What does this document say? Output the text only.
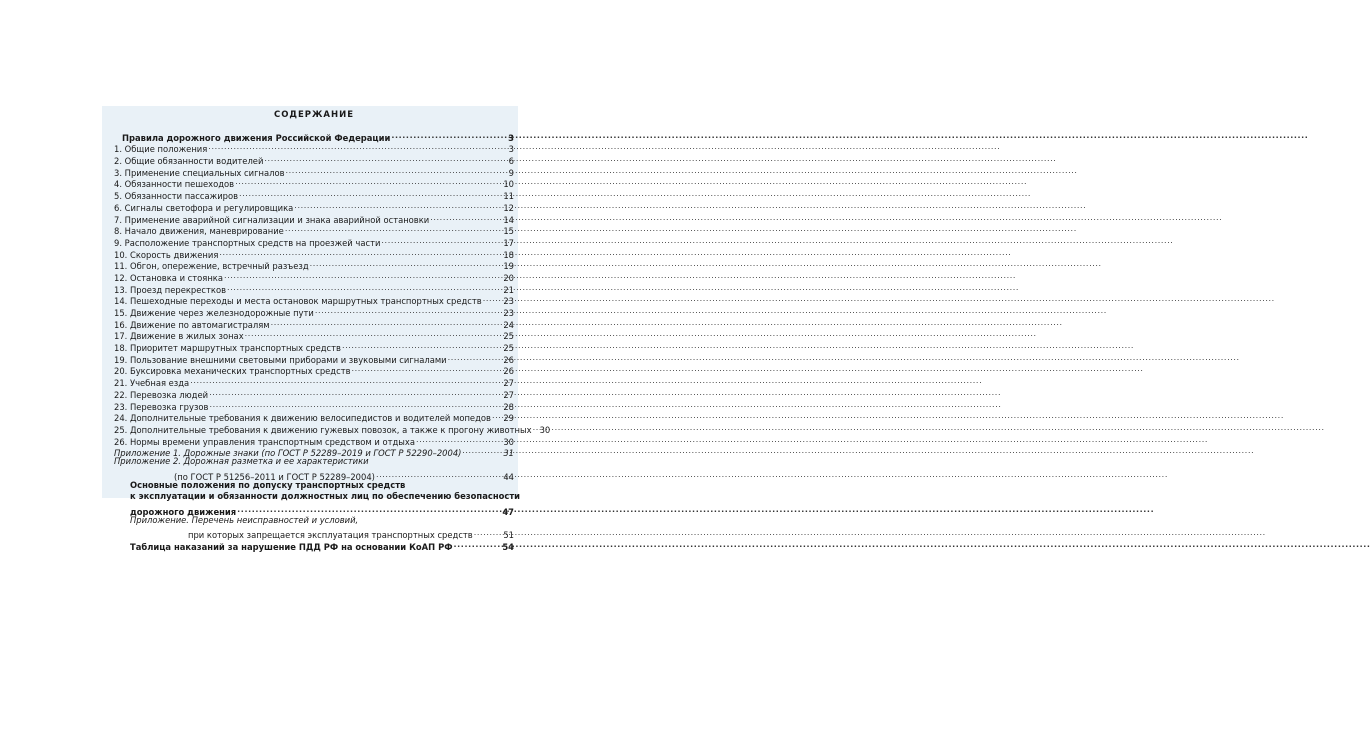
СОДЕРЖАНИЕ
Правила дорожного движения Российской Федерации .....	3
1. Общие положения .....	3
2. Общие обязанности водителей .....	6
3. Применение специальных сигналов .....	9
4. Обязанности пешеходов .....	10
5. Обязанности пассажиров .....	11
6. Сигналы светофора и регулировщика .....	12
7. Применение аварийной сигнализации и знака аварийной остановки .....	14
8. Начало движения, маневрирование .....	15
9. Расположение транспортных средств на проезжей части .....	17
10. Скорость движения .....	18
11. Обгон, опережение, встречный разъезд .....	19
12. Остановка и стоянка .....	20
13. Проезд перекрестков .....	21
14. Пешеходные переходы и места остановок маршрутных транспортных средств .....	23
15. Движение через железнодорожные пути .....	23
16. Движение по автомагистралям .....	24
17. Движение в жилых зонах .....	25
18. Приоритет маршрутных транспортных средств .....	25
19. Пользование внешними световыми приборами и звуковыми сигналами .....	26
20. Буксировка механических транспортных средств .....	26
21. Учебная езда .....	27
22. Перевозка людей .....	27
23. Перевозка грузов .....	28
24. Дополнительные требования к движению велосипедистов и водителей мопедов ..... 29
25. Дополнительные требования к движению гужевых повозок, а также к прогону животных ..... 30
26. Нормы времени управления транспортным средством и отдыха .....	30
Приложение 1. Дорожные знаки (по ГОСТ Р 52289–2019 и ГОСТ Р 52290–2004) .....	31
Приложение 2. Дорожная разметка и ее характеристики
(по ГОСТ Р 51256–2011 и ГОСТ Р 52289–2004) .....	44
Основные положения по допуску транспортных средств
к эксплуатации и обязанности должностных лиц по обеспечению безопасности
дорожного движения .....	47
Приложение. Перечень неисправностей и условий,
при которых запрещается эксплуатация транспортных средств .....	51
Таблица наказаний за нарушение ПДД РФ на основании КоАП РФ .....	54
